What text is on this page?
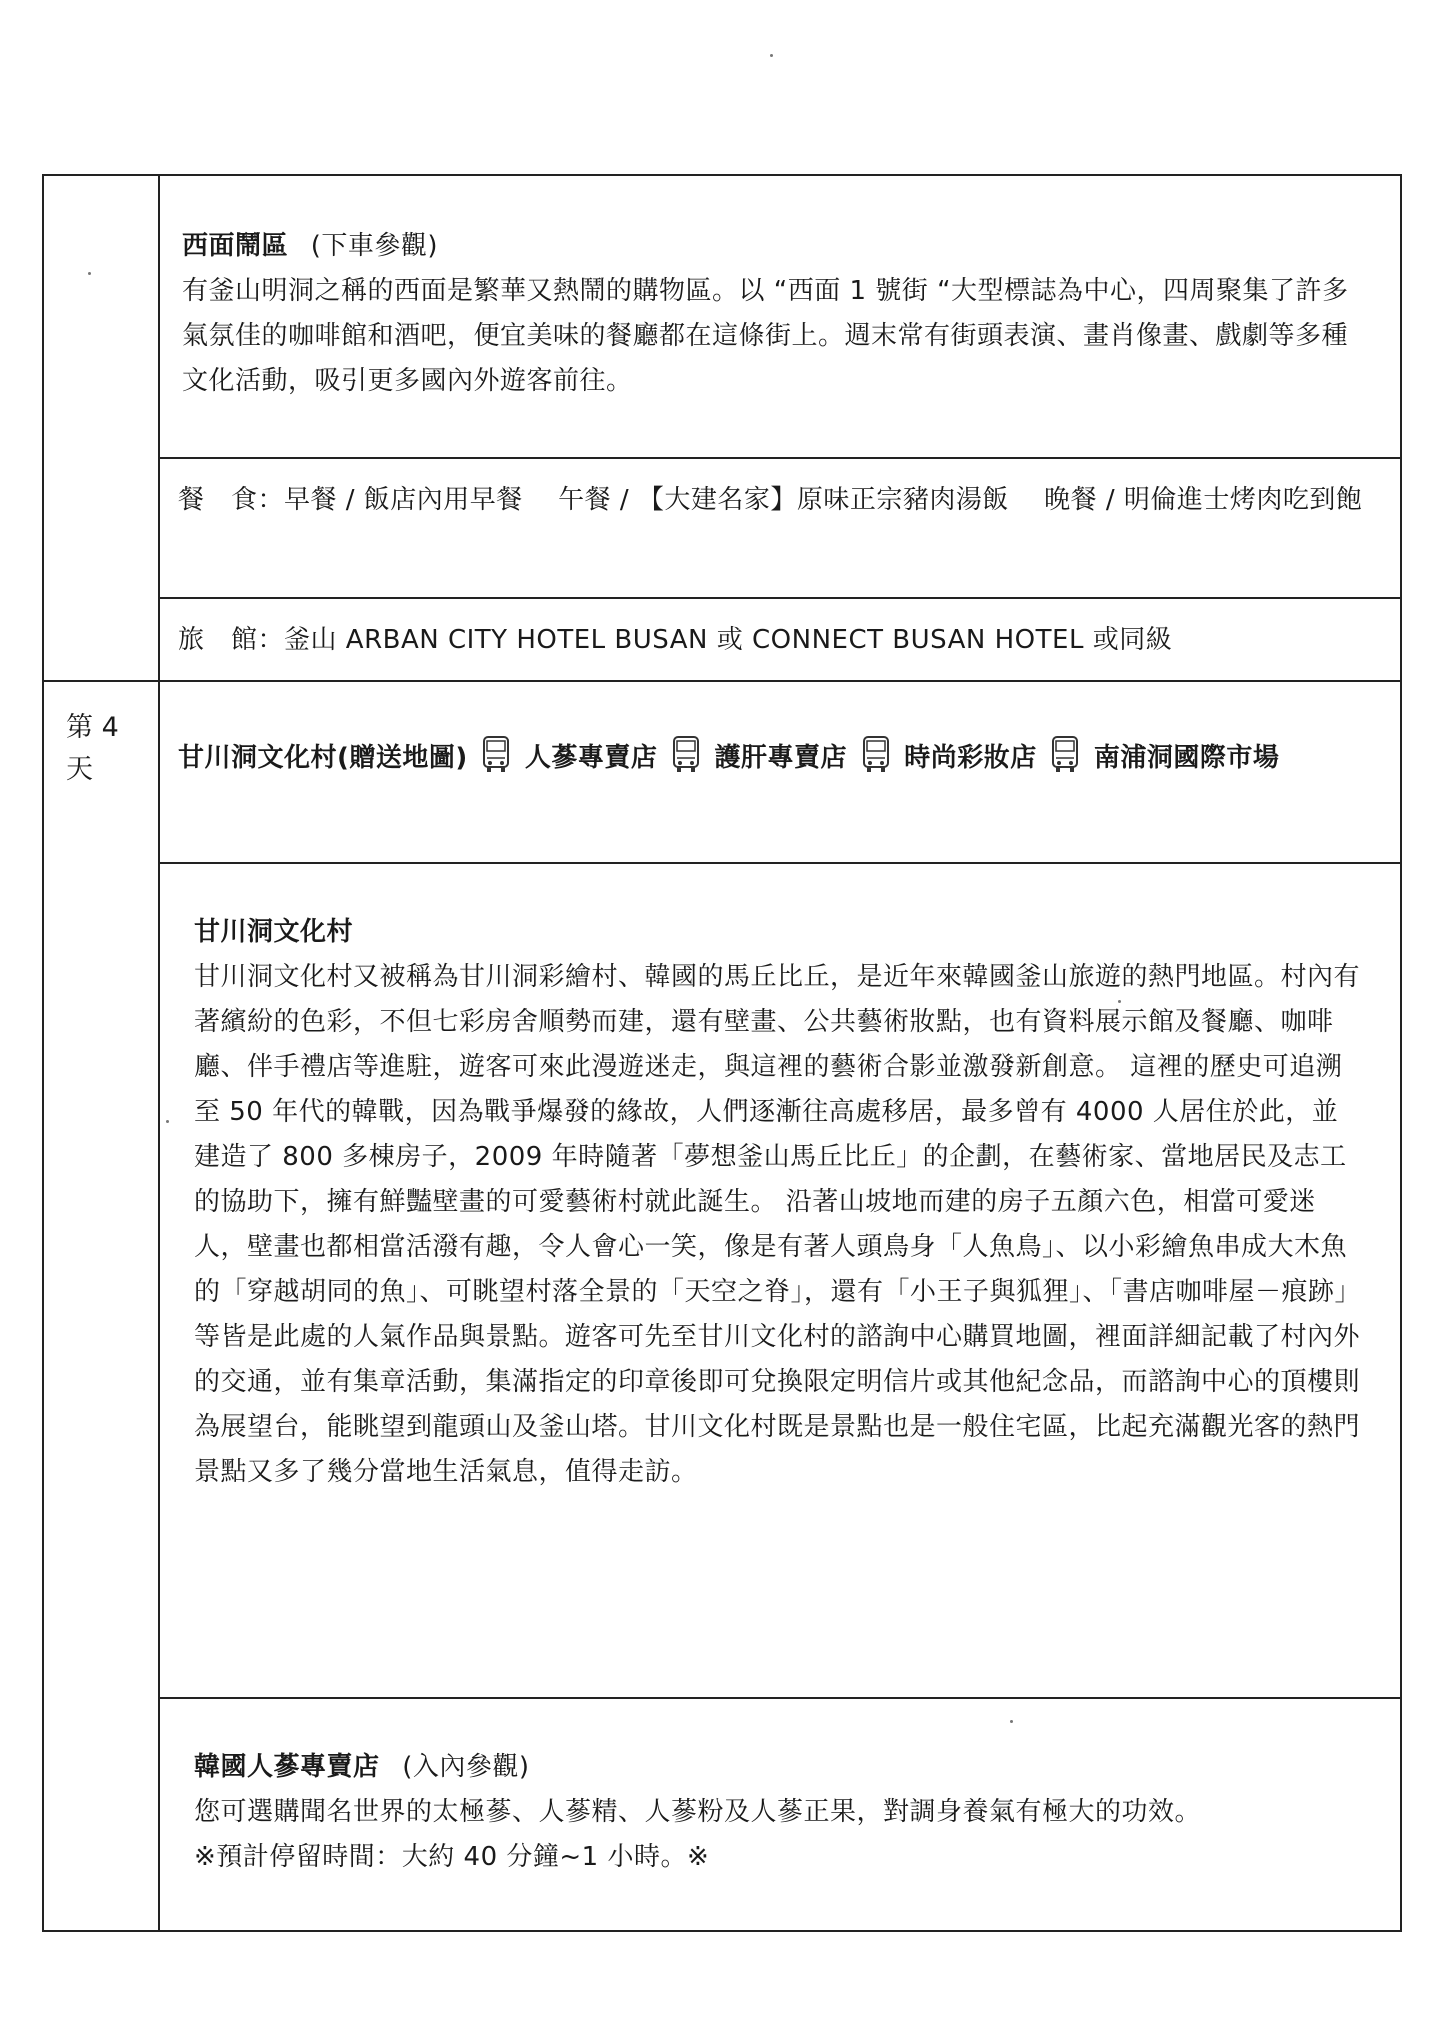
西面鬧區 (下車參觀)
有釜山明洞之稱的西面是繁華又熱鬧的購物區。以 “西面 1 號街 “大型標誌為中心，四周聚集了許多氣氛佳的咖啡館和酒吧，便宜美味的餐廳都在這條街上。週末常有街頭表演、畫肖像畫、戲劇等多種文化活動，吸引更多國內外遊客前往。
餐　食：早餐 / 飯店內用早餐　 午餐 / 【大建名家】原味正宗豬肉湯飯　 晚餐 / 明倫進士烤肉吃到飽
旅　館：釜山 ARBAN CITY HOTEL BUSAN 或 CONNECT BUSAN HOTEL 或同級
第 4
天	甘川洞文化村(贈送地圖) 人蔘專賣店 護肝專賣店 時尚彩妝店 南浦洞國際市場
甘川洞文化村
甘川洞文化村又被稱為甘川洞彩繪村、韓國的馬丘比丘，是近年來韓國釜山旅遊的熱門地區。村內有著繽紛的色彩，不但七彩房舍順勢而建，還有壁畫、公共藝術妝點，也有資料展示館及餐廳、咖啡廳、伴手禮店等進駐，遊客可來此漫遊迷走，與這裡的藝術合影並激發新創意。 這裡的歷史可追溯至 50 年代的韓戰，因為戰爭爆發的緣故，人們逐漸往高處移居，最多曾有 4000 人居住於此，並建造了 800 多棟房子，2009 年時隨著「夢想釜山馬丘比丘」的企劃，在藝術家、當地居民及志工的協助下，擁有鮮豔壁畫的可愛藝術村就此誕生。 沿著山坡地而建的房子五顏六色，相當可愛迷人，壁畫也都相當活潑有趣，令人會心一笑，像是有著人頭鳥身「人魚鳥」、以小彩繪魚串成大木魚的「穿越胡同的魚」、可眺望村落全景的「天空之脊」，還有「小王子與狐狸」、「書店咖啡屋－痕跡」等皆是此處的人氣作品與景點。遊客可先至甘川文化村的諮詢中心購買地圖，裡面詳細記載了村內外的交通，並有集章活動，集滿指定的印章後即可兌換限定明信片或其他紀念品，而諮詢中心的頂樓則為展望台，能眺望到龍頭山及釜山塔。甘川文化村既是景點也是一般住宅區，比起充滿觀光客的熱門景點又多了幾分當地生活氣息，值得走訪。
韓國人蔘專賣店 (入內參觀)
您可選購聞名世界的太極蔘、人蔘精、人蔘粉及人蔘正果，對調身養氣有極大的功效。
※預計停留時間：大約 40 分鐘~1 小時。※
